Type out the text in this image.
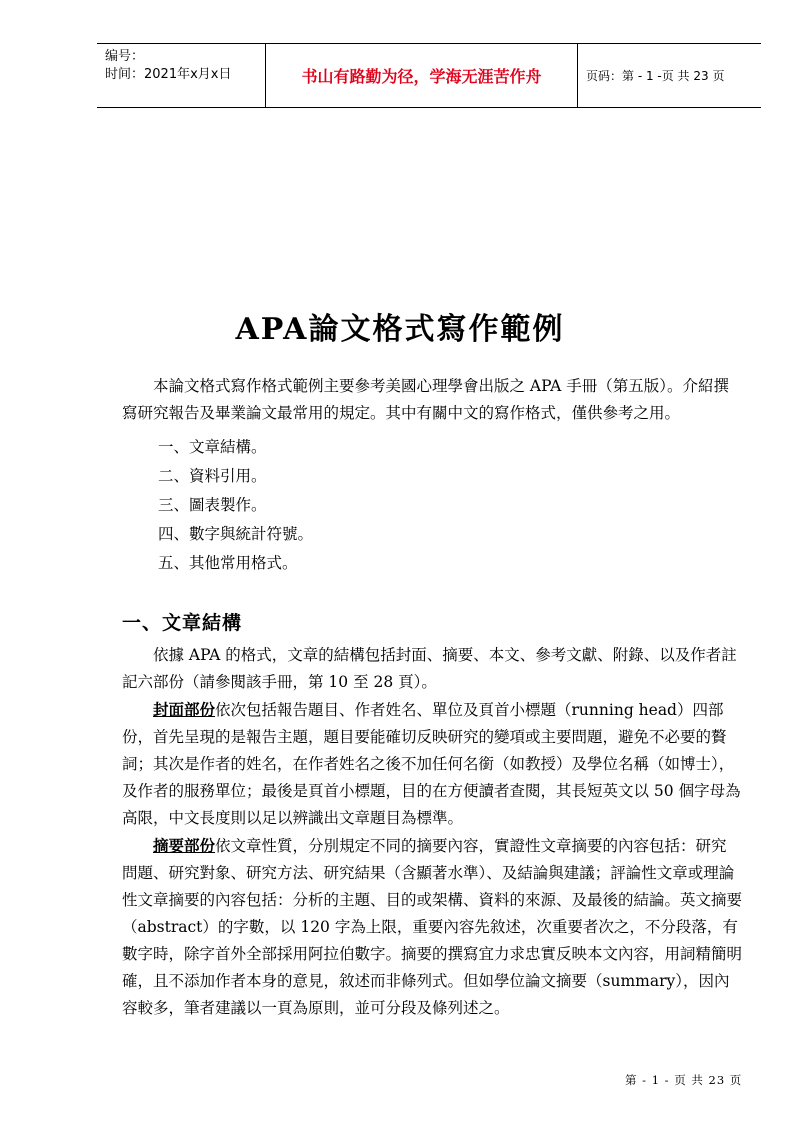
编号：
时间：2021年x月x日	书山有路勤为径，学海无涯苦作舟	页码：第 - 1 -页 共 23 页
APA論文格式寫作範例

本論文格式寫作格式範例主要參考美國心理學會出版之 APA 手冊（第五版）。介紹撰寫研究報告及畢業論文最常用的規定。其中有關中文的寫作格式，僅供參考之用。

一、文章結構。
二、資料引用。
三、圖表製作。
四、數字與統計符號。
五、其他常用格式。
一、文章結構

依據 APA 的格式，文章的結構包括封面、摘要、本文、參考文獻、附錄、以及作者註記六部份（請參閱該手冊，第 10 至 28 頁）。

封面部份依次包括報告題目、作者姓名、單位及頁首小標題（running head）四部份，首先呈現的是報告主題，題目要能確切反映研究的變項或主要問題，避免不必要的贅詞；其次是作者的姓名，在作者姓名之後不加任何名銜（如教授）及學位名稱（如博士），及作者的服務單位；最後是頁首小標題，目的在方便讀者查閱，其長短英文以 50 個字母為高限，中文長度則以足以辨識出文章題目為標準。

摘要部份依文章性質，分別規定不同的摘要內容，實證性文章摘要的內容包括：研究問題、研究對象、研究方法、研究結果（含顯著水準）、及結論與建議；評論性文章或理論性文章摘要的內容包括：分析的主題、目的或架構、資料的來源、及最後的結論。英文摘要（abstract）的字數，以 120 字為上限，重要內容先敘述，次重要者次之，不分段落，有數字時，除字首外全部採用阿拉伯數字。摘要的撰寫宜力求忠實反映本文內容，用詞精簡明確，且不添加作者本身的意見，敘述而非條列式。但如學位論文摘要（summary），因內容較多，筆者建議以一頁為原則，並可分段及條列述之。

第 - 1 - 页 共 23 页
